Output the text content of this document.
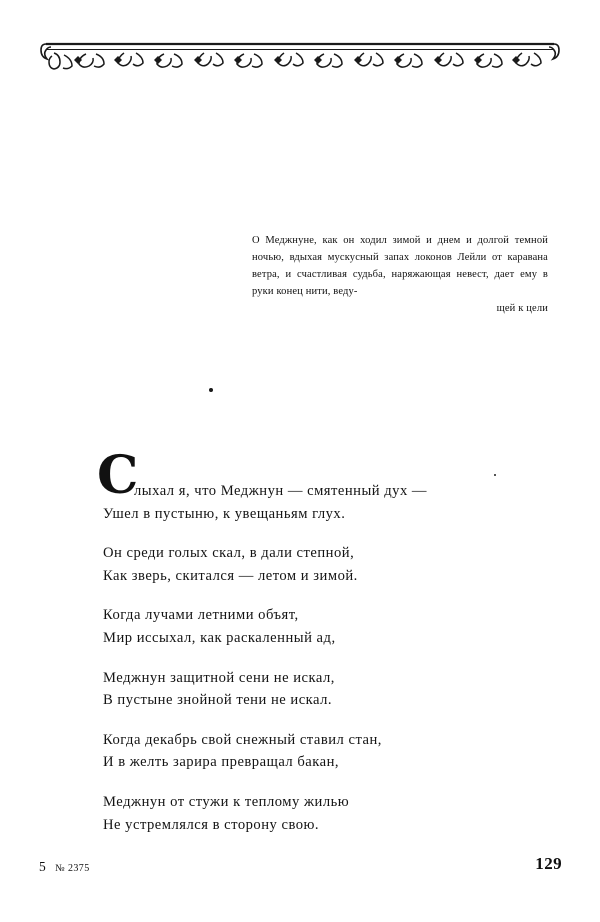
О Меджнуне, как он ходил зимой и днем и долгой темной ночью, вдыхая мускусный запах локонов Лейли от каравана ветра, и счастливая судьба, наряжающая невест, дает ему в руки конец нити, веду-
щей к цели
С
лыхал я, что Меджнун — смятенный дух —
Ушел в пустыню, к увещаньям глух.
Он среди голых скал, в дали степной,
Как зверь, скитался — летом и зимой.
Когда лучами летними объят,
Мир иссыхал, как раскаленный ад,
Меджнун защитной сени не искал,
В пустыне знойной тени не искал.
Когда декабрь свой снежный ставил стан,
И в желть зарира превращал бакан,
Меджнун от стужи к теплому жилью
Не устремлялся в сторону свою.
5 № 2375	129
